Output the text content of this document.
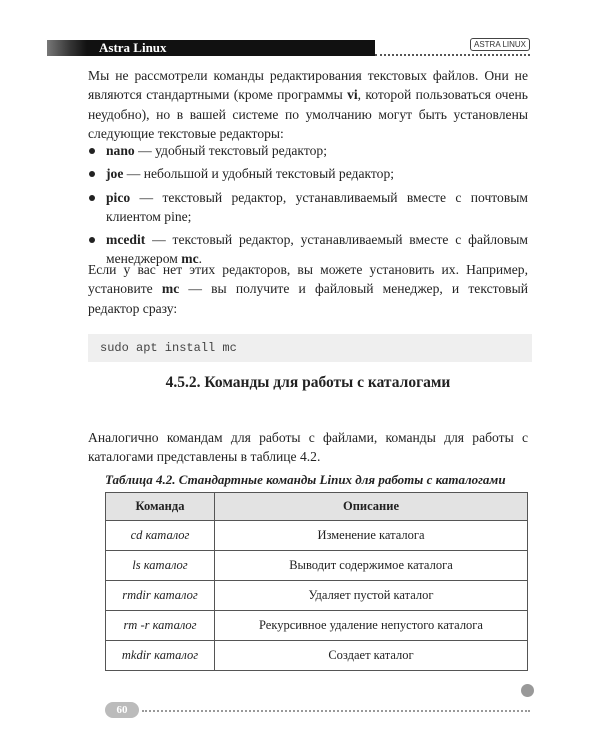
Astra Linux	ASTRA LINUX
Мы не рассмотрели команды редактирования текстовых файлов. Они не являются стандартными (кроме программы vi, которой пользоваться очень неудобно), но в вашей системе по умолчанию могут быть установлены следующие текстовые редакторы:
nano — удобный текстовый редактор;
joe — небольшой и удобный текстовый редактор;
pico — текстовый редактор, устанавливаемый вместе с почтовым клиентом pine;
mcedit — текстовый редактор, устанавливаемый вместе с файловым менеджером mc.
Если у вас нет этих редакторов, вы можете установить их. Например, установите mc — вы получите и файловый менеджер, и текстовый редактор сразу:
sudo apt install mc
4.5.2. Команды для работы с каталогами
Аналогично командам для работы с файлами, команды для работы с каталогами представлены в таблице 4.2.
Таблица 4.2. Стандартные команды Linux для работы с каталогами
Команда	Описание
cd каталог	Изменение каталога
ls каталог	Выводит содержимое каталога
rmdir каталог	Удаляет пустой каталог
rm -r каталог	Рекурсивное удаление непустого каталога
mkdir каталог	Создает каталог
60
